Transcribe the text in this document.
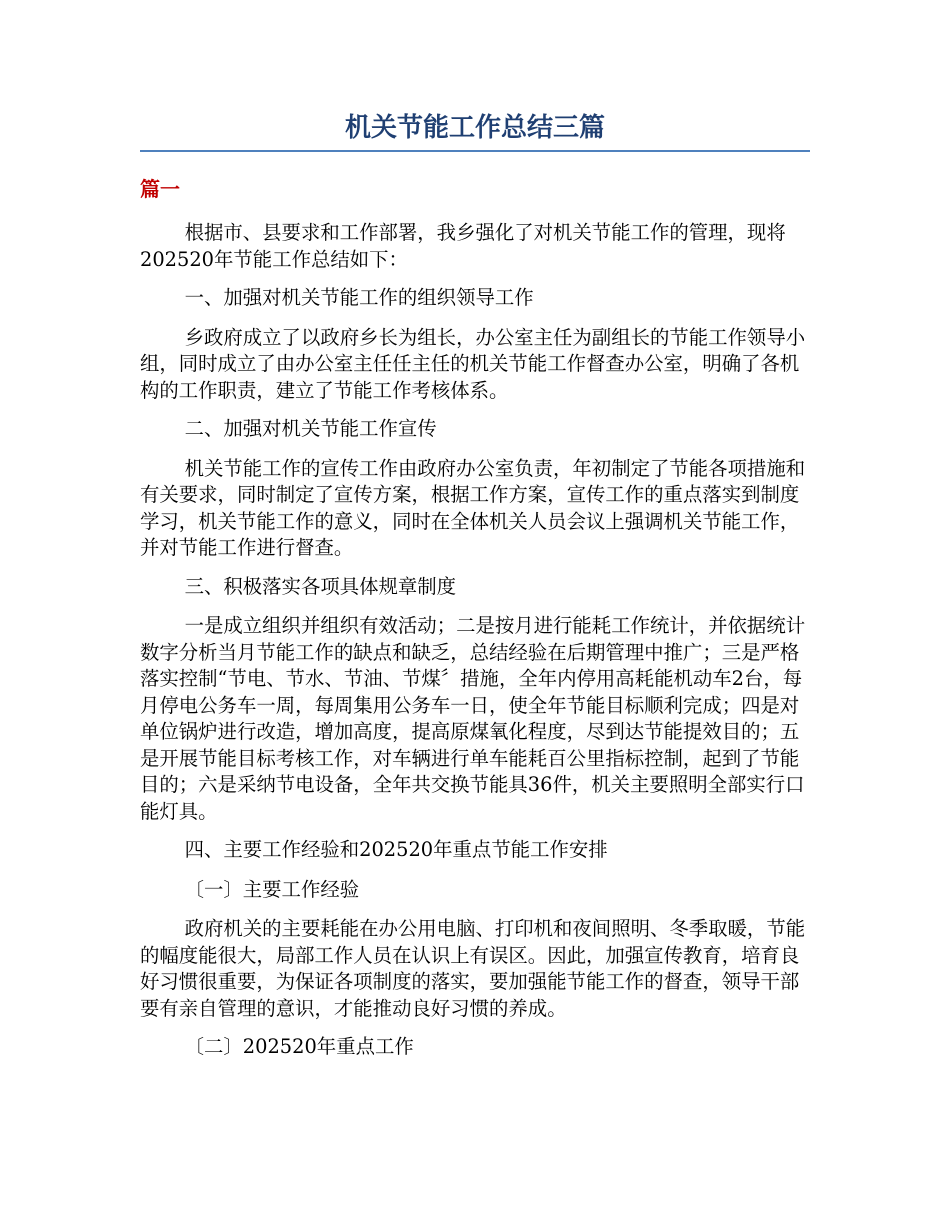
机关节能工作总结三篇
篇一

根据市、县要求和工作部署，我乡强化了对机关节能工作的管理，现将202520年节能工作总结如下：

一、加强对机关节能工作的组织领导工作

乡政府成立了以政府乡长为组长，办公室主任为副组长的节能工作领导小组，同时成立了由办公室主任任主任的机关节能工作督查办公室，明确了各机构的工作职责，建立了节能工作考核体系。

二、加强对机关节能工作宣传

机关节能工作的宣传工作由政府办公室负责，年初制定了节能各项措施和有关要求，同时制定了宣传方案，根据工作方案，宣传工作的重点落实到制度学习，机关节能工作的意义，同时在全体机关人员会议上强调机关节能工作，并对节能工作进行督查。

三、积极落实各项具体规章制度

一是成立组织并组织有效活动；二是按月进行能耗工作统计，并依据统计数字分析当月节能工作的缺点和缺乏，总结经验在后期管理中推广；三是严格落实控制“节电、节水、节油、节煤〞措施，全年内停用高耗能机动车2台，每月停电公务车一周，每周集用公务车一日，使全年节能目标顺利完成；四是对单位锅炉进行改造，增加高度，提高原煤氧化程度，尽到达节能提效目的；五是开展节能目标考核工作，对车辆进行单车能耗百公里指标控制，起到了节能目的；六是采纳节电设备，全年共交换节能具36件，机关主要照明全部实行口能灯具。

四、主要工作经验和202520年重点节能工作安排

〔一〕主要工作经验

政府机关的主要耗能在办公用电脑、打印机和夜间照明、冬季取暖，节能的幅度能很大，局部工作人员在认识上有误区。因此，加强宣传教育，培育良好习惯很重要，为保证各项制度的落实，要加强能节能工作的督查，领导干部要有亲自管理的意识，才能推动良好习惯的养成。

〔二〕202520年重点工作
